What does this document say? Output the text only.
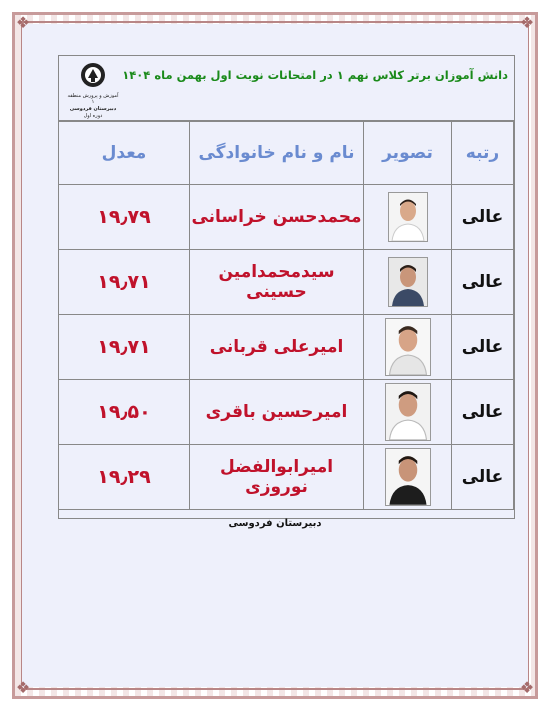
❖	❖
❖	❖
دانش آموزان برتر کلاس نهم ۱ در امتحانات نوبت اول بهمن ماه ۱۴۰۴
آموزش و پرورش منطقه ۱
دبیرستان فردوسی
دوره اول
رتبه	تصویر	نام و نام خانوادگی	معدل
عالی		محمدحسن خراسانی	۱۹٫۷۹
عالی		سیدمحمدامین حسینی	۱۹٫۷۱
عالی		امیرعلی قربانی	۱۹٫۷۱
عالی		امیرحسین باقری	۱۹٫۵۰
عالی		امیرابوالفضل نوروزی	۱۹٫۲۹
دبیرستان فردوسی
